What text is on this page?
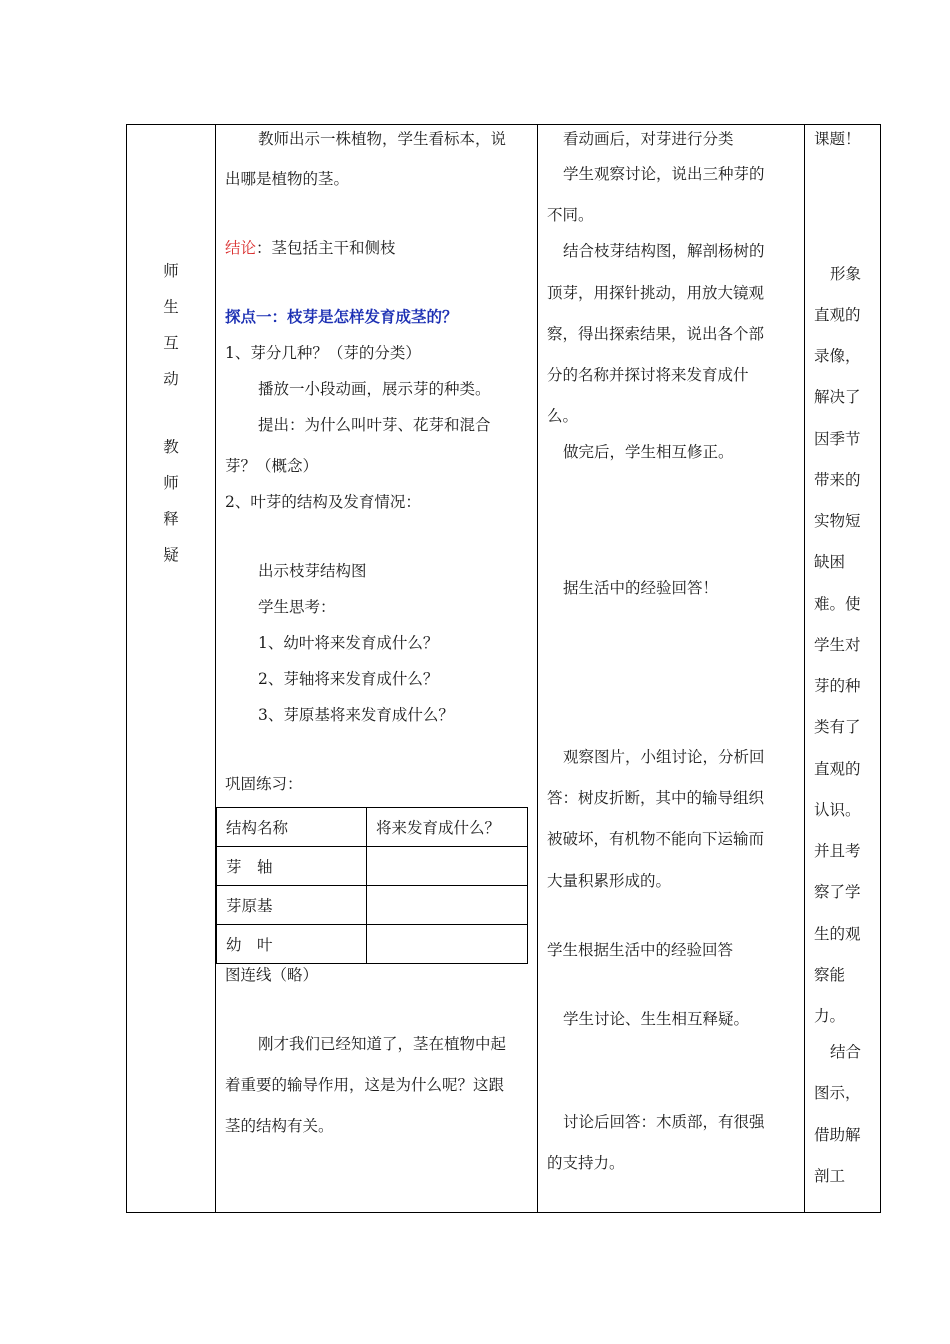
师
生
互
动
教
师
释
疑
教师出示一株植物，学生看标本，说
出哪是植物的茎。
结论：茎包括主干和侧枝
探点一：枝芽是怎样发育成茎的？
1、芽分几种？（芽的分类）
播放一小段动画，展示芽的种类。
提出：为什么叫叶芽、花芽和混合
芽？（概念）
2、叶芽的结构及发育情况：
出示枝芽结构图
学生思考：
1、幼叶将来发育成什么？
2、芽轴将来发育成什么？
3、芽原基将来发育成什么？
巩固练习：
结构名称	将来发育成什么？
芽　轴	
芽原基	
幼　叶	
图连线（略）
刚才我们已经知道了，茎在植物中起
着重要的输导作用，这是为什么呢？这跟
茎的结构有关。
看动画后，对芽进行分类
学生观察讨论，说出三种芽的
不同。
结合枝芽结构图，解剖杨树的
顶芽，用探针挑动，用放大镜观
察，得出探索结果，说出各个部
分的名称并探讨将来发育成什
么。
做完后，学生相互修正。
据生活中的经验回答！
观察图片，小组讨论，分析回
答：树皮折断，其中的输导组织
被破坏，有机物不能向下运输而
大量积累形成的。
学生根据生活中的经验回答
学生讨论、生生相互释疑。
讨论后回答：木质部，有很强
的支持力。
课题！
形象
直观的
录像，
解决了
因季节
带来的
实物短
缺困
难。使
学生对
芽的种
类有了
直观的
认识。
并且考
察了学
生的观
察能
力。
结合
图示，
借助解
剖工
